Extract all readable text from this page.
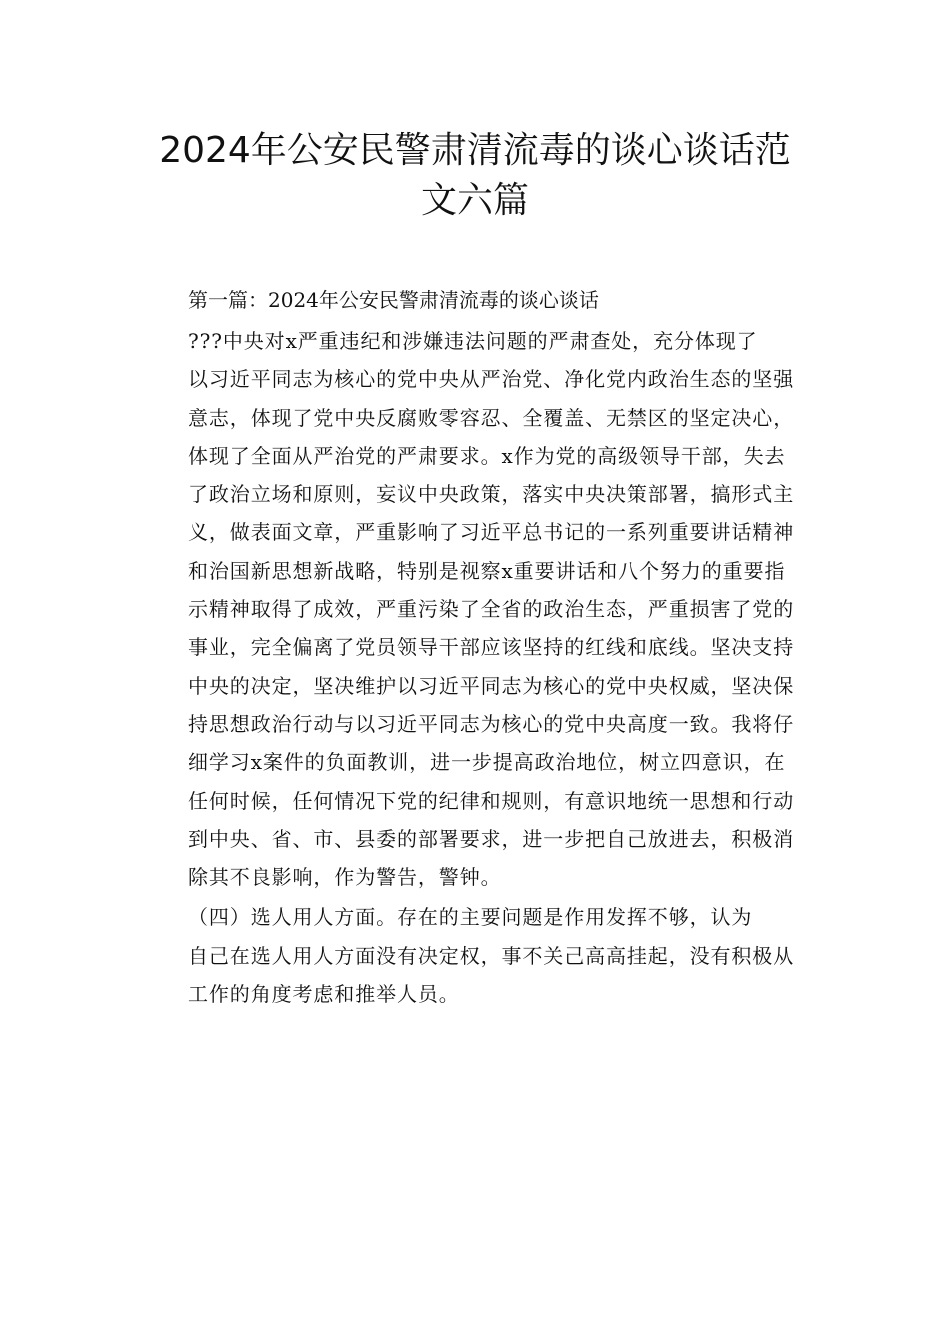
2024年公安民警肃清流毒的谈心谈话范
文六篇

第一篇：2024年公安民警肃清流毒的谈心谈话

???中央对x严重违纪和涉嫌违法问题的严肃查处，充分体现了
以习近平同志为核心的党中央从严治党、净化党内政治生态的坚强
意志，体现了党中央反腐败零容忍、全覆盖、无禁区的坚定决心，
体现了全面从严治党的严肃要求。x作为党的高级领导干部，失去
了政治立场和原则，妄议中央政策，落实中央决策部署，搞形式主
义，做表面文章，严重影响了习近平总书记的一系列重要讲话精神
和治国新思想新战略，特别是视察x重要讲话和八个努力的重要指
示精神取得了成效，严重污染了全省的政治生态，严重损害了党的
事业，完全偏离了党员领导干部应该坚持的红线和底线。坚决支持
中央的决定，坚决维护以习近平同志为核心的党中央权威，坚决保
持思想政治行动与以习近平同志为核心的党中央高度一致。我将仔
细学习x案件的负面教训，进一步提高政治地位，树立四意识，在
任何时候，任何情况下党的纪律和规则，有意识地统一思想和行动
到中央、省、市、县委的部署要求，进一步把自己放进去，积极消
除其不良影响，作为警告，警钟。

（四）选人用人方面。存在的主要问题是作用发挥不够，认为
自己在选人用人方面没有决定权，事不关己高高挂起，没有积极从
工作的角度考虑和推举人员。
